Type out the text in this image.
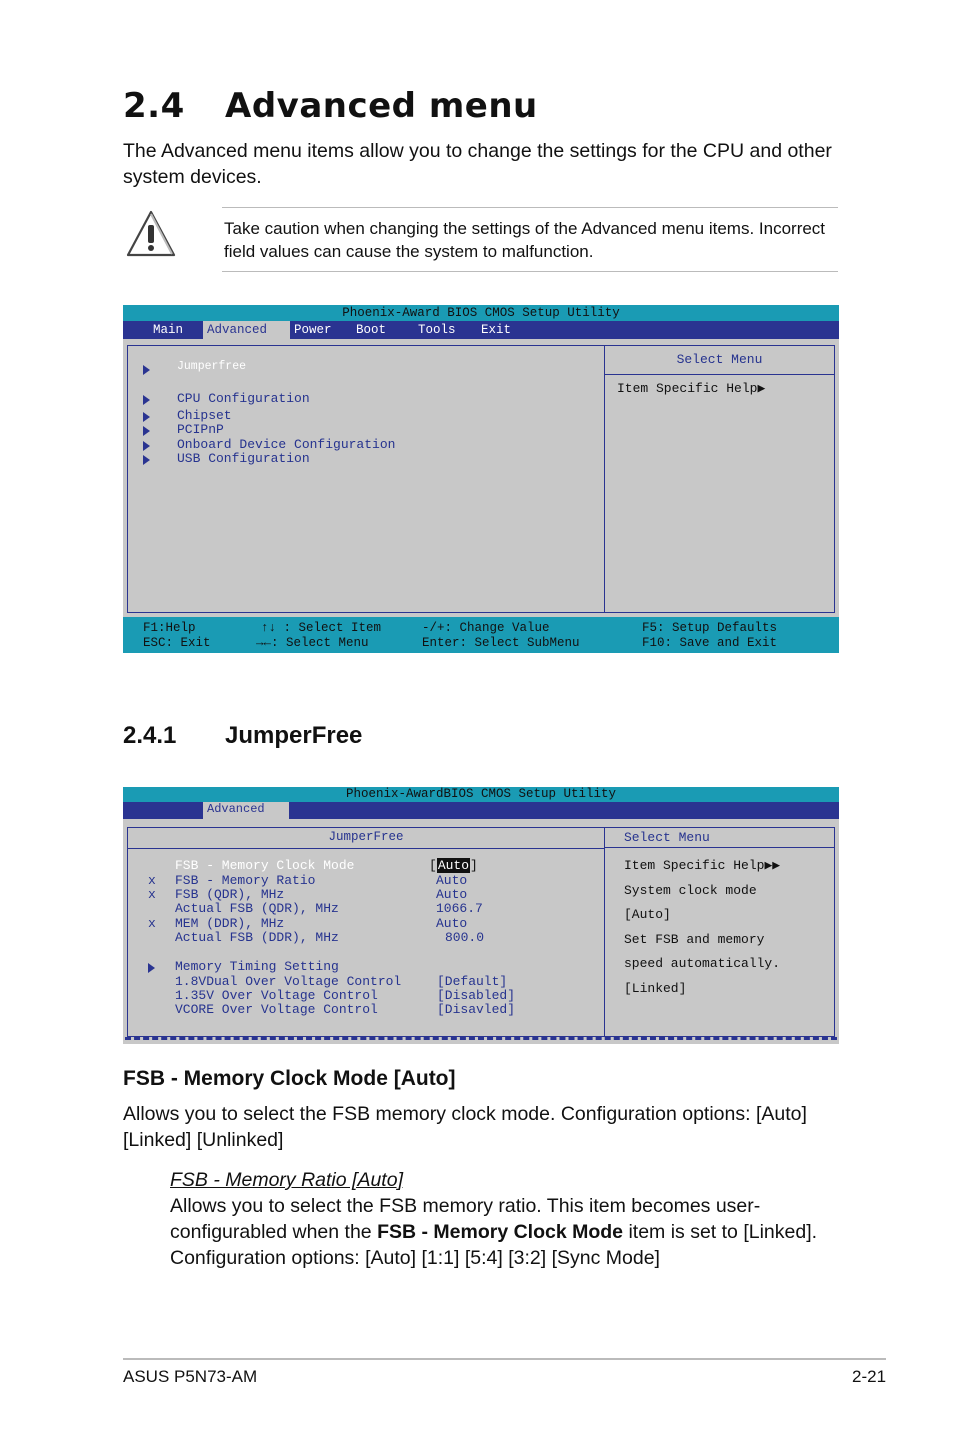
2.4 Advanced menu
The Advanced menu items allow you to change the settings for the CPU and other system devices.
Take caution when changing the settings of the Advanced menu items. Incorrect field values can cause the system to malfunction.
Phoenix-Award BIOS CMOS Setup Utility
Main	Advanced	Power Boot	Tools Exit
Jumperfree
CPU Configuration
Chipset
PCIPnP
Onboard Device Configuration
USB Configuration
Select Menu
Item Specific Help▶
F1:Help
ESC: Exit
↑↓ : Select Item
→←: Select Menu
-/+: Change Value
Enter: Select SubMenu
F5: Setup Defaults
F10: Save and Exit
2.4.1 JumperFree
Phoenix-AwardBIOS CMOS Setup Utility
Advanced
JumperFree
FSB - Memory Clock Mode	[Auto]
x FSB - Memory Ratio	Auto
x FSB (QDR), MHz	Auto
Actual FSB (QDR), MHz	1066.7
x MEM (DDR), MHz	Auto
Actual FSB (DDR), MHz	800.0
Memory Timing Setting
1.8VDual Over Voltage Control	[Default]
1.35V Over Voltage Control	[Disabled]
VCORE Over Voltage Control	[Disavled]
Select Menu
Item Specific Help▶▶
System clock mode
[Auto]
Set FSB and memory
speed automatically.
[Linked]
FSB - Memory Clock Mode [Auto]
Allows you to select the FSB memory clock mode. Configuration options: [Auto] [Linked] [Unlinked]
FSB - Memory Ratio [Auto]
Allows you to select the FSB memory ratio. This item becomes user-configurabled when the FSB - Memory Clock Mode item is set to [Linked]. Configuration options: [Auto] [1:1] [5:4] [3:2] [Sync Mode]
ASUS P5N73-AM	2-21
